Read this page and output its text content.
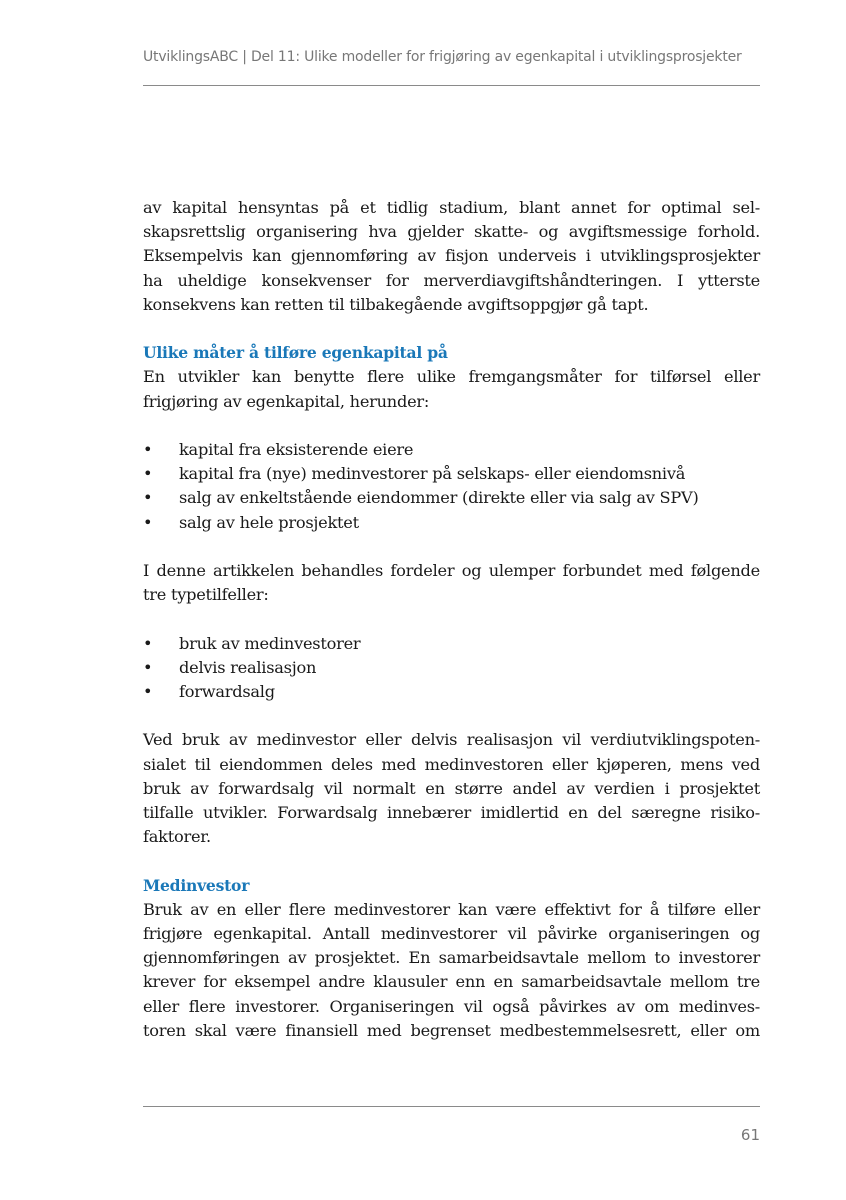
UtviklingsABC | Del 11: Ulike modeller for frigjøring av egenkapital i utviklingsprosjekter
av kapital hensyntas på et tidlig stadium, blant annet for optimal sel-
skapsrettslig organisering hva gjelder skatte- og avgiftsmessige forhold.
Eksempelvis kan gjennomføring av fisjon underveis i utviklingsprosjekter
ha uheldige konsekvenser for merverdiavgiftshåndteringen. I ytterste
konsekvens kan retten til tilbakegående avgiftsoppgjør gå tapt.
Ulike måter å tilføre egenkapital på
En utvikler kan benytte flere ulike fremgangsmåter for tilførsel eller
frigjøring av egenkapital, herunder:
•	kapital fra eksisterende eiere
•	kapital fra (nye) medinvestorer på selskaps- eller eiendomsnivå
•	salg av enkeltstående eiendommer (direkte eller via salg av SPV)
•	salg av hele prosjektet
I denne artikkelen behandles fordeler og ulemper forbundet med følgende
tre typetilfeller:
•	bruk av medinvestorer
•	delvis realisasjon
•	forwardsalg
Ved bruk av medinvestor eller delvis realisasjon vil verdiutviklingspoten-
sialet til eiendommen deles med medinvestoren eller kjøperen, mens ved
bruk av forwardsalg vil normalt en større andel av verdien i prosjektet
tilfalle utvikler. Forwardsalg innebærer imidlertid en del særegne risiko-
faktorer.
Medinvestor
Bruk av en eller flere medinvestorer kan være effektivt for å tilføre eller
frigjøre egenkapital. Antall medinvestorer vil påvirke organiseringen og
gjennomføringen av prosjektet. En samarbeidsavtale mellom to investorer
krever for eksempel andre klausuler enn en samarbeidsavtale mellom tre
eller flere investorer. Organiseringen vil også påvirkes av om medinves-
toren skal være finansiell med begrenset medbestemmelsesrett, eller om
61
